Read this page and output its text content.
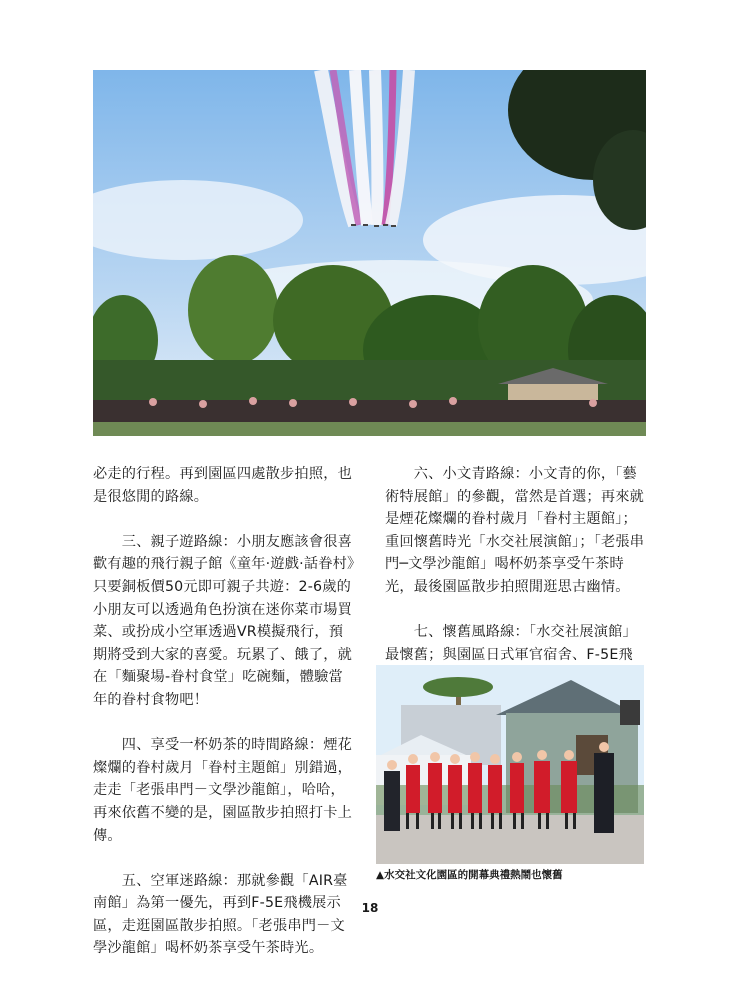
必走的行程。再到園區四處散步拍照，也是很悠閒的路線。

　　三、親子遊路線：小朋友應該會很喜歡有趣的飛行親子館《童年·遊戲·話眷村》只要銅板價50元即可親子共遊：2-6歲的小朋友可以透過角色扮演在迷你菜市場買菜、或扮成小空軍透過VR模擬飛行，預期將受到大家的喜愛。玩累了、餓了，就在「麵聚場-眷村食堂」吃碗麵，體驗當年的眷村食物吧！

　　四、享受一杯奶茶的時間路線：煙花燦爛的眷村歲月「眷村主題館」別錯過，走走「老張串門－文學沙龍館」，哈哈，再來依舊不變的是，園區散步拍照打卡上傳。

　　五、空軍迷路線：那就參觀「AIR臺南館」為第一優先，再到F-5E飛機展示區，走逛園區散步拍照。「老張串門－文學沙龍館」喝杯奶茶享受午茶時光。

　　六、小文青路線：小文青的你，「藝術特展館」的參觀，當然是首選；再來就是煙花燦爛的眷村歲月「眷村主題館」；重回懷舊時光「水交社展演館」；「老張串門─文學沙龍館」喝杯奶茶享受午茶時光，最後園區散步拍照閒逛思古幽情。

　　七、懷舊風路線：「水交社展演館」最懷舊；與園區日式軍官宿舍、F-5E飛

▲水交社文化園區的開幕典禮熱鬧也懷舊
18
